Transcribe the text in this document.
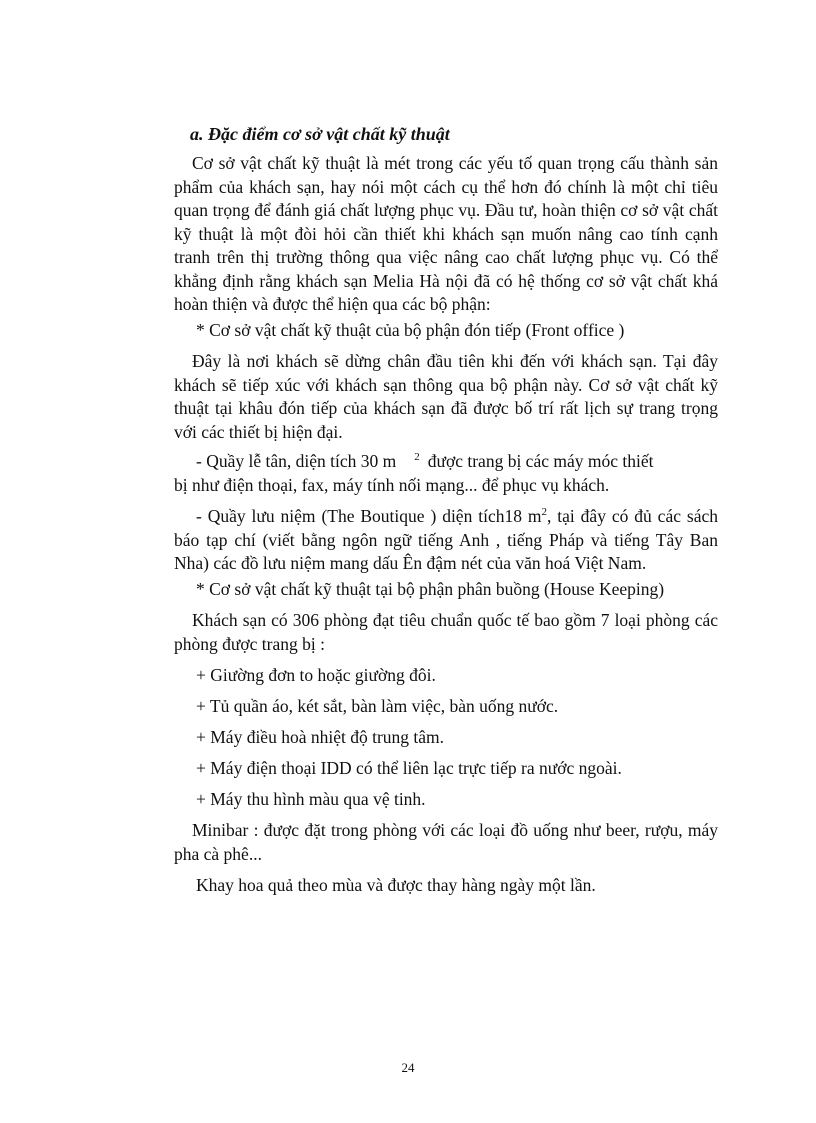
a. Đặc điểm cơ sở vật chất kỹ thuật
Cơ sở vật chất kỹ thuật là mét trong các yếu tố quan trọng cấu thành sản phẩm của khách sạn, hay nói một cách cụ thể hơn đó chính là một chỉ tiêu quan trọng để đánh giá chất lượng phục vụ. Đầu tư, hoàn thiện cơ sở vật chất kỹ thuật là một đòi hỏi cần thiết khi khách sạn muốn nâng cao tính cạnh tranh trên thị trường thông qua việc nâng cao chất lượng phục vụ. Có thể khẳng định rằng khách sạn Melia Hà nội đã có hệ thống cơ sở vật chất khá hoàn thiện và được thể hiện qua các bộ phận:
* Cơ sở vật chất kỹ thuật của bộ phận đón tiếp (Front office )
Đây là nơi khách sẽ dừng chân đầu tiên khi đến với khách sạn. Tại đây khách sẽ tiếp xúc với khách sạn thông qua bộ phận này. Cơ sở vật chất kỹ thuật tại khâu đón tiếp của khách sạn đã được bố trí rất lịch sự trang trọng với các thiết bị hiện đại.
- Quầy lễ tân, diện tích 30 m $^2$ được trang bị các máy móc thiết
bị như điện thoại, fax, máy tính nối mạng... để phục vụ khách.
- Quầy lưu niệm (The Boutique ) diện tích18 $m^2$, tại đây có đủ các sách báo tạp chí (viết bằng ngôn ngữ tiếng Anh , tiếng Pháp và tiếng Tây Ban Nha) các đồ lưu niệm mang dấu Ên đậm nét của văn hoá Việt Nam.
* Cơ sở vật chất kỹ thuật tại bộ phận phân buồng (House Keeping)
Khách sạn có 306 phòng đạt tiêu chuẩn quốc tế bao gồm 7 loại phòng các phòng được trang bị :
+ Giường đơn to hoặc giường đôi.
+ Tủ quần áo, két sắt, bàn làm việc, bàn uống nước.
+ Máy điều hoà nhiệt độ trung tâm.
+ Máy điện thoại IDD có thể liên lạc trực tiếp ra nước ngoài.
+ Máy thu hình màu qua vệ tinh.
Minibar : được đặt trong phòng với các loại đồ uống như beer, rượu, máy pha cà phê...
Khay hoa quả theo mùa và được thay hàng ngày một lần.
24
